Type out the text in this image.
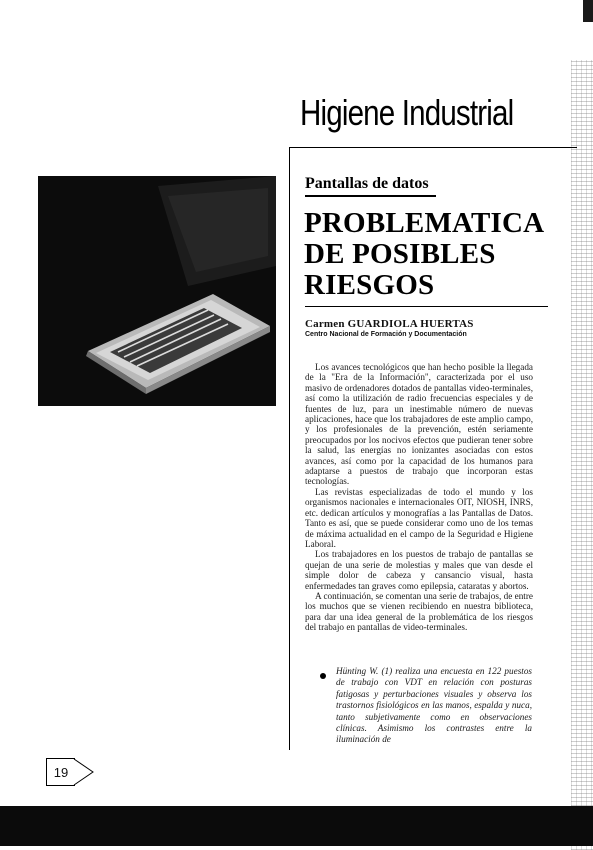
Higiene Industrial
Pantallas de datos
PROBLEMATICA
DE POSIBLES
RIESGOS
Carmen GUARDIOLA HUERTAS
Centro Nacional de Formación y Documentación

Los avances tecnológicos que han hecho posible la llegada de la "Era de la Información", caracterizada por el uso masivo de ordenadores dotados de pantallas video-terminales, así como la utilización de radio frecuencias especiales y de fuentes de luz, para un inestimable número de nuevas aplicaciones, hace que los trabajadores de este amplio campo, y los profesionales de la prevención, estén seriamente preocupados por los nocivos efectos que pudieran tener sobre la salud, las energías no ionizantes asociadas con estos avances, así como por la capacidad de los humanos para adaptarse a puestos de trabajo que incorporan estas tecnologías.

Las revistas especializadas de todo el mundo y los organismos nacionales e internacionales OIT, NIOSH, INRS, etc. dedican artículos y monografías a las Pantallas de Datos. Tanto es así, que se puede considerar como uno de los temas de máxima actualidad en el campo de la Seguridad e Higiene Laboral.

Los trabajadores en los puestos de trabajo de pantallas se quejan de una serie de molestias y males que van desde el simple dolor de cabeza y cansancio visual, hasta enfermedades tan graves como epilepsia, cataratas y abortos.

A continuación, se comentan una serie de trabajos, de entre los muchos que se vienen recibiendo en nuestra biblioteca, para dar una idea general de la problemática de los riesgos del trabajo en pantallas de video-terminales.

Hünting W. (1) realiza una encuesta en 122 puestos de trabajo con VDT en relación con posturas fatigosas y perturbaciones visuales y observa los trastornos fisiológicos en las manos, espalda y nuca, tanto subjetivamente como en observaciones clínicas. Asimismo los contrastes entre la iluminación de
19
